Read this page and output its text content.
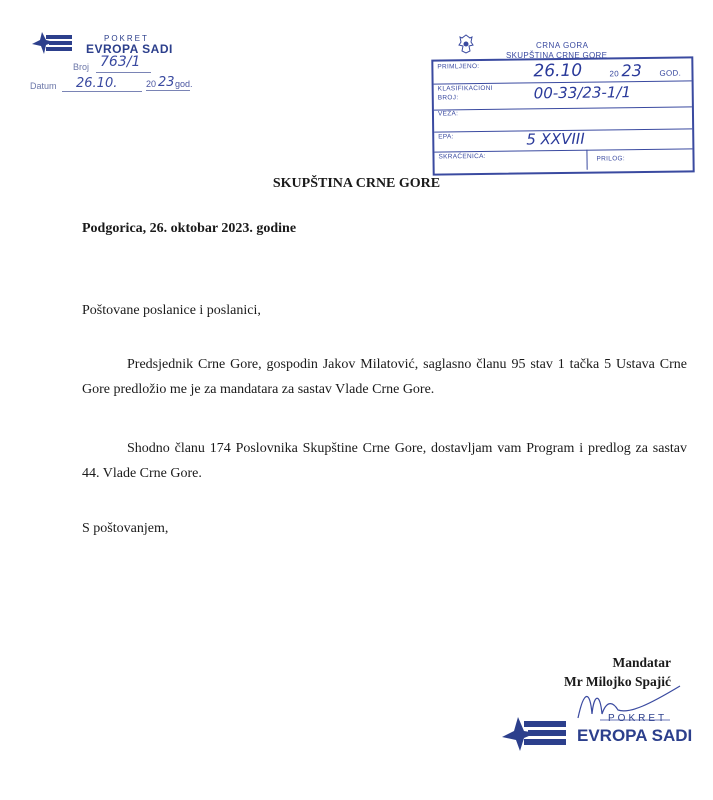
POKRET
EVROPA SADI
Broj 763/1
Datum 26.10.	20 23 god.
CRNA GORA
SKUPŠTINA CRNE GORE
PRIMLJENO:	26.10	20 23 GOD.
KLASIFIKACIONI
BROJ:	00-33/23-1/1
VEZA:
EPA:	5 XXVIII
SKRAĆENICA:	PRILOG:
SKUPŠTINA CRNE GORE
Podgorica, 26. oktobar 2023. godine
Poštovane poslanice i poslanici,
Predsjednik Crne Gore, gospodin Jakov Milatović, saglasno članu 95 stav 1 tačka 5 Ustava Crne Gore predložio me je za mandatara za sastav Vlade Crne Gore.
Shodno članu 174 Poslovnika Skupštine Crne Gore, dostavljam vam Program i predlog za sastav 44. Vlade Crne Gore.
S poštovanjem,
Mandatar
Mr Milojko Spajić
POKRET
EVROPA SADI
